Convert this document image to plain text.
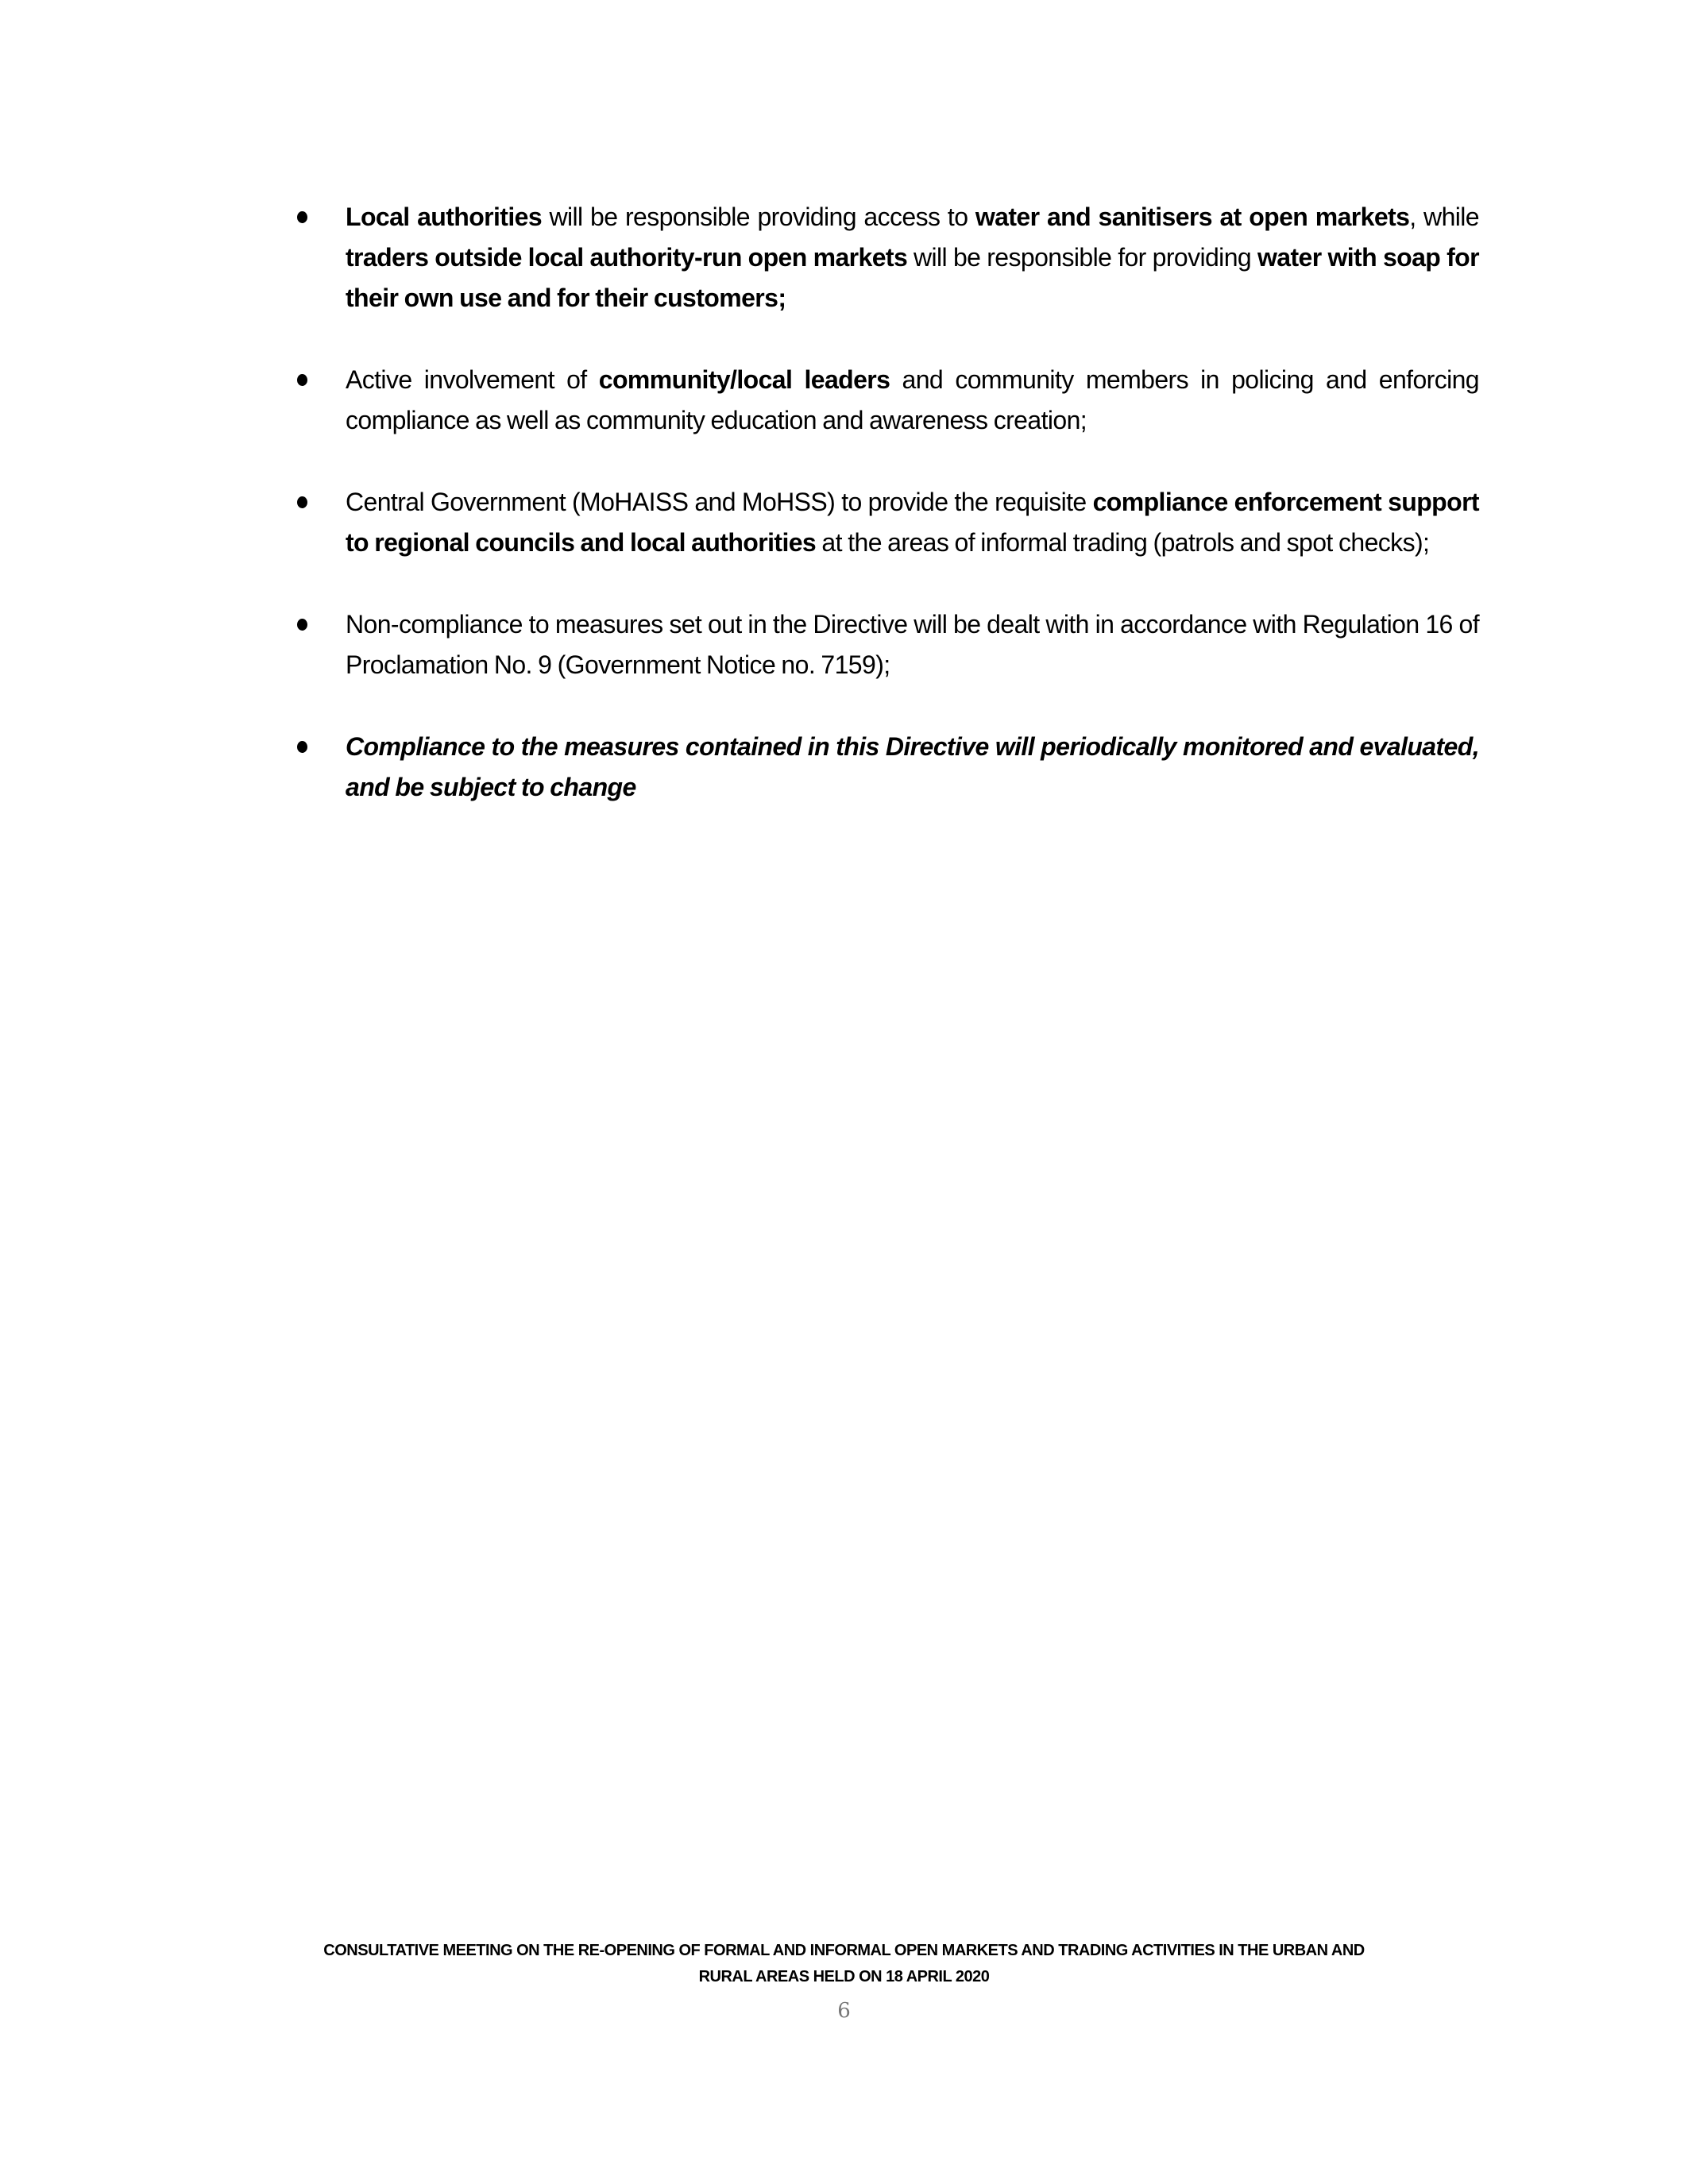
Local authorities will be responsible providing access to water and sanitisers at open markets, while traders outside local authority-run open markets will be responsible for providing water with soap for their own use and for their customers;
Active involvement of community/local leaders and community members in policing and enforcing compliance as well as community education and awareness creation;
Central Government (MoHAISS and MoHSS) to provide the requisite compliance enforcement support to regional councils and local authorities at the areas of informal trading (patrols and spot checks);
Non-compliance to measures set out in the Directive will be dealt with in accordance with Regulation 16 of Proclamation No. 9 (Government Notice no. 7159);
Compliance to the measures contained in this Directive will periodically monitored and evaluated, and be subject to change
CONSULTATIVE MEETING ON THE RE-OPENING OF FORMAL AND INFORMAL OPEN MARKETS AND TRADING ACTIVITIES IN THE URBAN AND
RURAL AREAS HELD ON 18 APRIL 2020
6
